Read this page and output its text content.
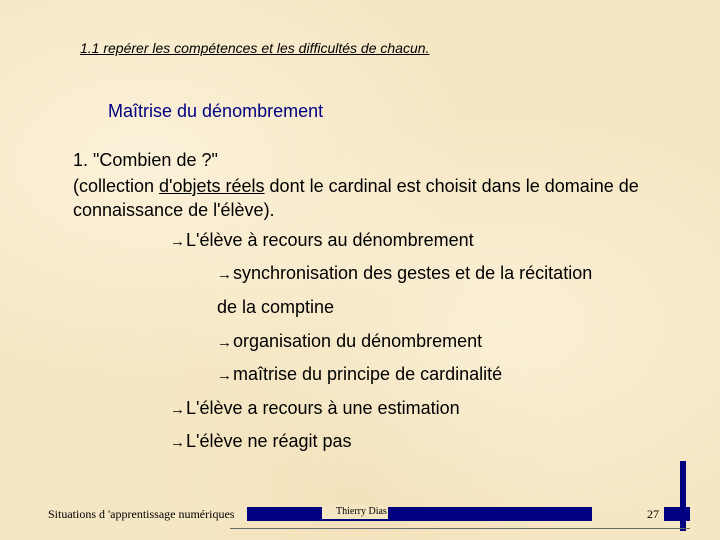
1.1 repérer les compétences et les difficultés de chacun.
Maîtrise du dénombrement
1. "Combien de ?"
(collection d'objets réels dont le cardinal est choisit dans le domaine de connaissance de l'élève).
→L'élève à recours au dénombrement
→synchronisation des gestes et de la récitation
de la comptine
→organisation du dénombrement
→maîtrise du principe de cardinalité
→L'élève a recours à une estimation
→L'élève ne réagit pas
Situations d 'apprentissage numériques	Thierry Dias	27
